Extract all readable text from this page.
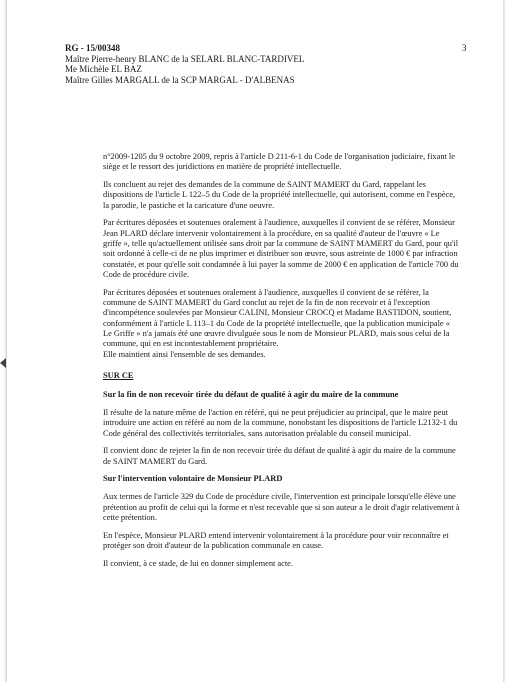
RG - 15/00348
Maître Pierre-henry BLANC de la SELARL BLANC-TARDIVEL
Me Michèle EL BAZ
Maître Gilles MARGALL de la SCP MARGAL - D'ALBENAS
3

n°2009-1205 du 9 octobre 2009, repris à l'article D 211-6-1 du Code de l'organisation judiciaire, fixant le siège et le ressort des juridictions en matière de propriété intellectuelle.

Ils concluent au rejet des demandes de la commune de SAINT MAMERT du Gard, rappelant les dispositions de l'article L 122–5 du Code de la propriété intellectuelle, qui autorisent, comme en l'espèce, la parodie, le pastiche et la caricature d'une oeuvre.

Par écritures déposées et soutenues oralement à l'audience, auxquelles il convient de se référer, Monsieur Jean PLARD déclare intervenir volontairement à la procédure, en sa qualité d'auteur de l'œuvre « Le griffe », telle qu'actuellement utilisée sans droit par la commune de SAINT MAMERT du Gard, pour qu'il soit ordonné à celle-ci de ne plus imprimer et distribuer son œuvre, sous astreinte de 1000 € par infraction constatée, et pour qu'elle soit condamnée à lui payer la somme de 2000 € en application de l'article 700 du Code de procédure civile.

Par écritures déposées et soutenues oralement à l'audience, auxquelles il convient de se référer, la commune de SAINT MAMERT du Gard conclut au rejet de la fin de non recevoir et à l'exception d'incompétence soulevées par Monsieur CALINI, Monsieur CROCQ et Madame BASTIDON, soutient, conformément à l'article L 113–1 du Code de la propriété intellectuelle, que la publication municipale « Le Griffe » n'a jamais été une œuvre divulguée sous le nom de Monsieur PLARD, mais sous celui de la commune, qui en est incontestablement propriétaire.

Elle maintient ainsi l'ensemble de ses demandes.

SUR CE
Sur la fin de non recevoir tirée du défaut de qualité à agir du maire de la commune

Il résulte de la nature même de l'action en référé, qui ne peut préjudicier au principal, que le maire peut introduire une action en référé au nom de la commune, nonobstant les dispositions de l'article L2132-1 du Code général des collectivités territoriales, sans autorisation préalable du conseil municipal.

Il convient donc de rejeter la fin de non recevoir tirée du défaut de qualité à agir du maire de la commune de SAINT MAMERT du Gard.

Sur l'intervention volontaire de Monsieur PLARD

Aux termes de l'article 329 du Code de procédure civile, l'intervention est principale lorsqu'elle élève une prétention au profit de celui qui la forme et n'est recevable que si son auteur a le droit d'agir relativement à cette prétention.

En l'espèce, Monsieur PLARD entend intervenir volontairement à la procédure pour voir reconnaître et protéger son droit d'auteur de la publication communale en cause.

Il convient, à ce stade, de lui en donner simplement acte.
